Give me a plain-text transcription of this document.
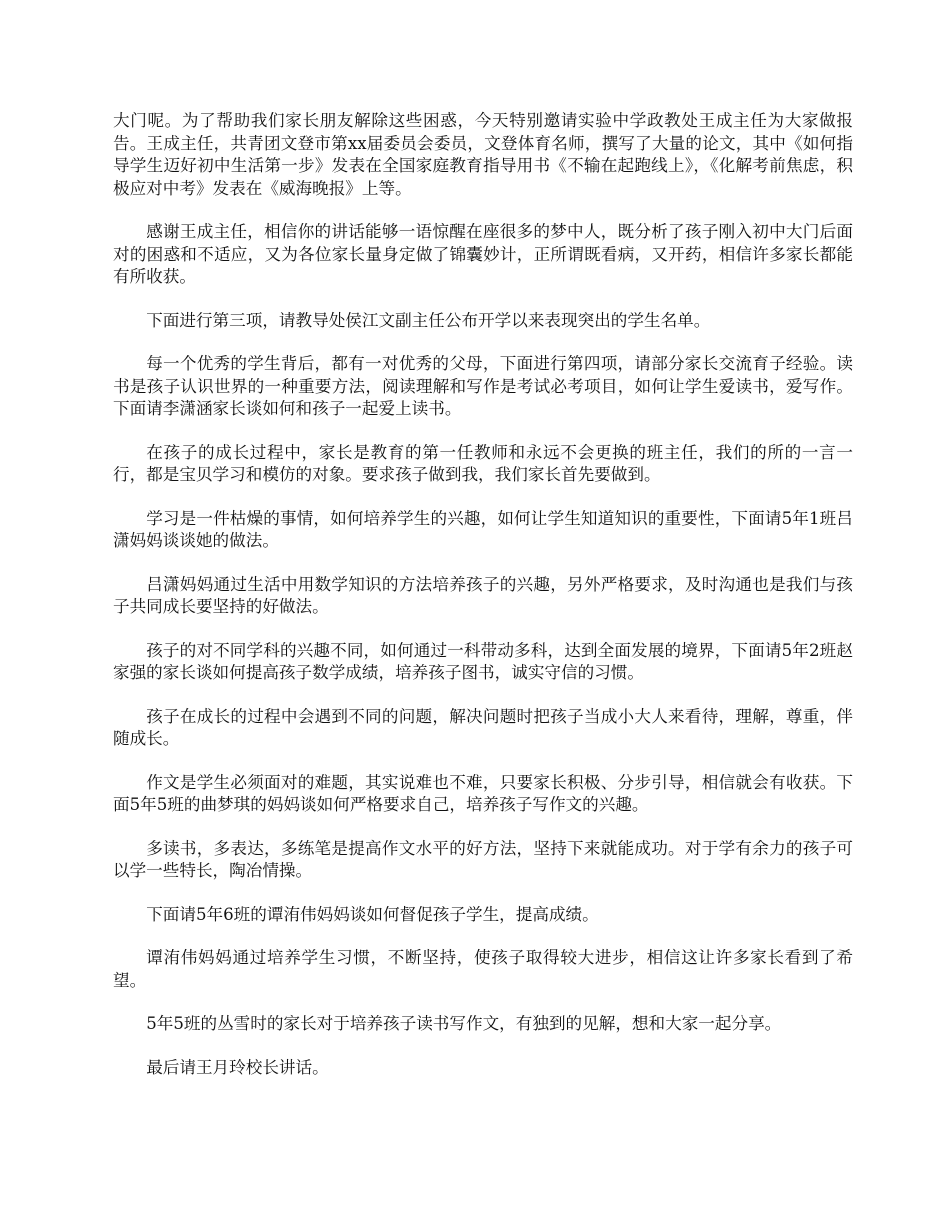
大门呢。为了帮助我们家长朋友解除这些困惑，今天特别邀请实验中学政教处王成主任为大家做报告。王成主任，共青团文登市第xx届委员会委员，文登体育名师，撰写了大量的论文，其中《如何指导学生迈好初中生活第一步》发表在全国家庭教育指导用书《不输在起跑线上》，《化解考前焦虑，积极应对中考》发表在《威海晚报》上等。

感谢王成主任，相信你的讲话能够一语惊醒在座很多的梦中人，既分析了孩子刚入初中大门后面对的困惑和不适应，又为各位家长量身定做了锦囊妙计，正所谓既看病，又开药，相信许多家长都能有所收获。

下面进行第三项，请教导处侯江文副主任公布开学以来表现突出的学生名单。

每一个优秀的学生背后，都有一对优秀的父母，下面进行第四项，请部分家长交流育子经验。读书是孩子认识世界的一种重要方法，阅读理解和写作是考试必考项目，如何让学生爱读书，爱写作。下面请李潇涵家长谈如何和孩子一起爱上读书。

在孩子的成长过程中，家长是教育的第一任教师和永远不会更换的班主任，我们的所的一言一行，都是宝贝学习和模仿的对象。要求孩子做到我，我们家长首先要做到。

学习是一件枯燥的事情，如何培养学生的兴趣，如何让学生知道知识的重要性，下面请5年1班吕潇妈妈谈谈她的做法。

吕潇妈妈通过生活中用数学知识的方法培养孩子的兴趣，另外严格要求，及时沟通也是我们与孩子共同成长要坚持的好做法。

孩子的对不同学科的兴趣不同，如何通过一科带动多科，达到全面发展的境界，下面请5年2班赵家强的家长谈如何提高孩子数学成绩，培养孩子图书，诚实守信的习惯。

孩子在成长的过程中会遇到不同的问题，解决问题时把孩子当成小大人来看待，理解，尊重，伴随成长。

作文是学生必须面对的难题，其实说难也不难，只要家长积极、分步引导，相信就会有收获。下面5年5班的曲梦琪的妈妈谈如何严格要求自己，培养孩子写作文的兴趣。

多读书，多表达，多练笔是提高作文水平的好方法，坚持下来就能成功。对于学有余力的孩子可以学一些特长，陶冶情操。

下面请5年6班的谭洧伟妈妈谈如何督促孩子学生，提高成绩。

谭洧伟妈妈通过培养学生习惯，不断坚持，使孩子取得较大进步，相信这让许多家长看到了希望。

5年5班的丛雪时的家长对于培养孩子读书写作文，有独到的见解，想和大家一起分享。

最后请王月玲校长讲话。
